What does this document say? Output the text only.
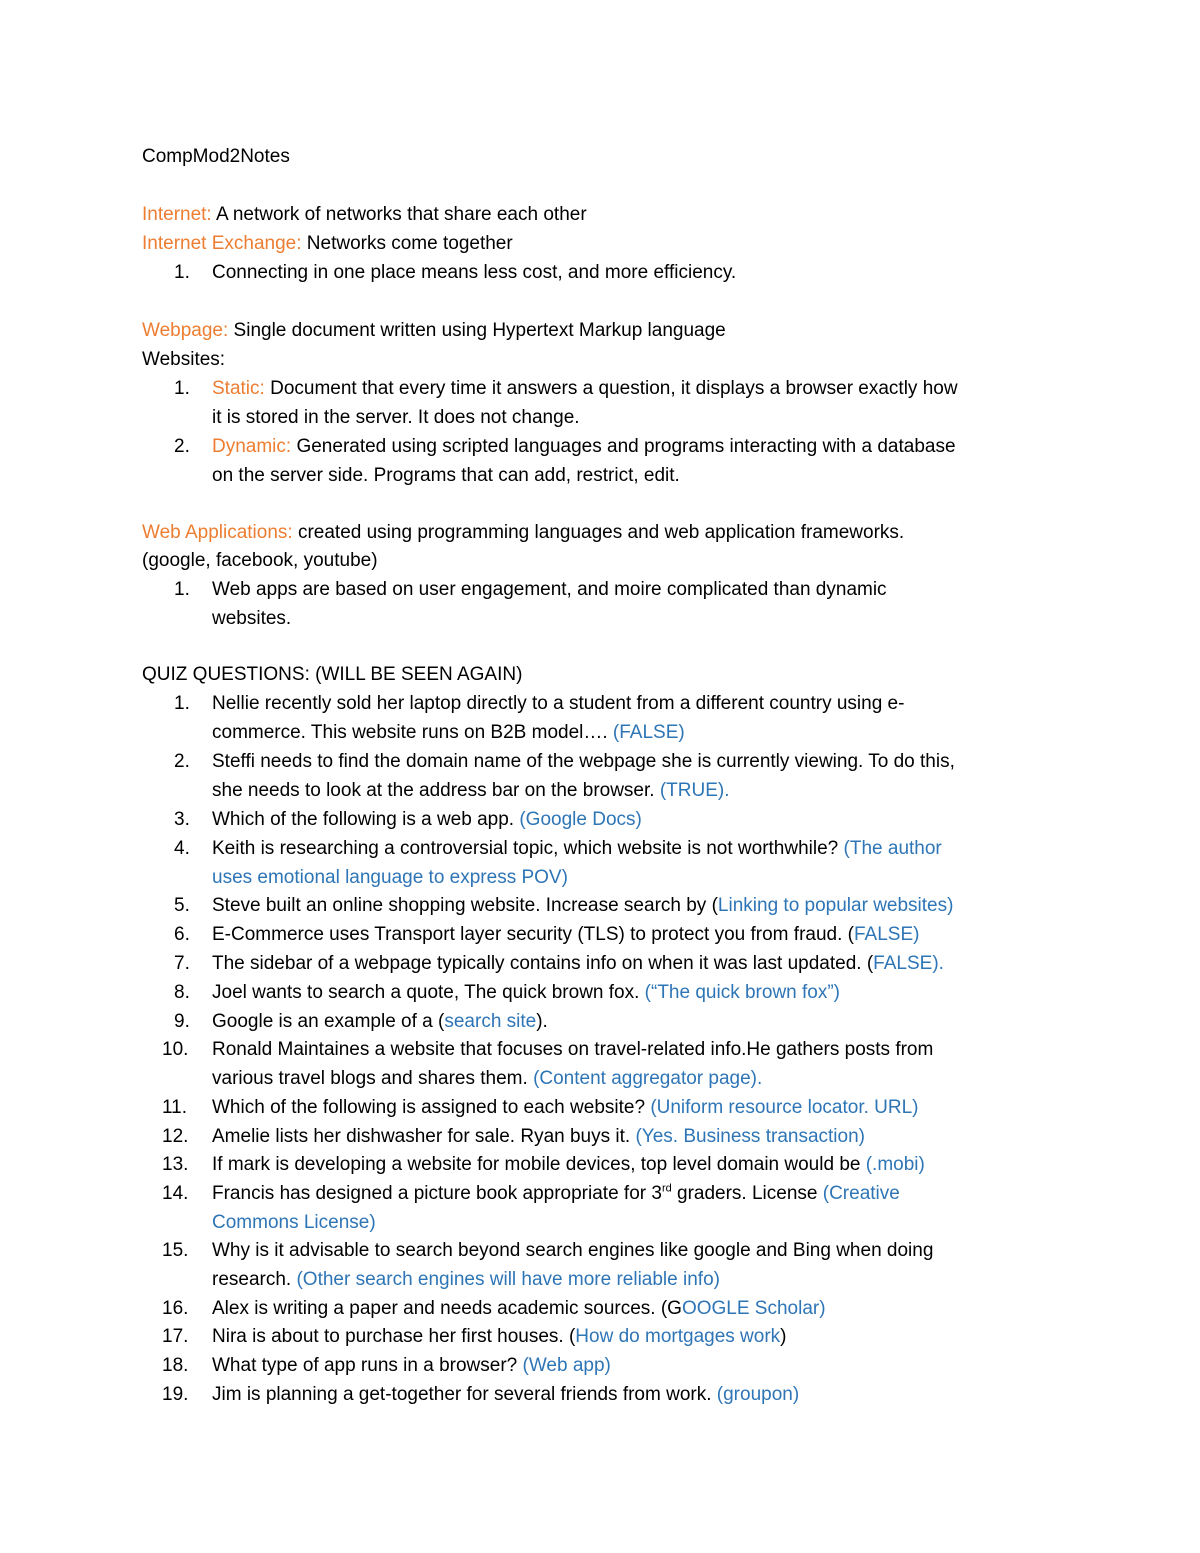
CompMod2Notes
Internet: A network of networks that share each other
Internet Exchange: Networks come together
1. Connecting in one place means less cost, and more efficiency.
Webpage: Single document written using Hypertext Markup language
Websites:
1. Static: Document that every time it answers a question, it displays a browser exactly how
it is stored in the server. It does not change.
2. Dynamic: Generated using scripted languages and programs interacting with a database
on the server side. Programs that can add, restrict, edit.
Web Applications: created using programming languages and web application frameworks.
(google, facebook, youtube)
1. Web apps are based on user engagement, and moire complicated than dynamic
websites.
QUIZ QUESTIONS: (WILL BE SEEN AGAIN)
1. Nellie recently sold her laptop directly to a student from a different country using e-
commerce. This website runs on B2B model…. (FALSE)
2. Steffi needs to find the domain name of the webpage she is currently viewing. To do this,
she needs to look at the address bar on the browser. (TRUE).
3. Which of the following is a web app. (Google Docs)
4. Keith is researching a controversial topic, which website is not worthwhile? (The author
uses emotional language to express POV)
5. Steve built an online shopping website. Increase search by (Linking to popular websites)
6. E-Commerce uses Transport layer security (TLS) to protect you from fraud. (FALSE)
7. The sidebar of a webpage typically contains info on when it was last updated. (FALSE).
8. Joel wants to search a quote, The quick brown fox. (“The quick brown fox”)
9. Google is an example of a (search site).
10. Ronald Maintaines a website that focuses on travel-related info.He gathers posts from
various travel blogs and shares them. (Content aggregator page).
11. Which of the following is assigned to each website? (Uniform resource locator. URL)
12. Amelie lists her dishwasher for sale. Ryan buys it. (Yes. Business transaction)
13. If mark is developing a website for mobile devices, top level domain would be (.mobi)
14. Francis has designed a picture book appropriate for 3rd graders. License (Creative
Commons License)
15. Why is it advisable to search beyond search engines like google and Bing when doing
research. (Other search engines will have more reliable info)
16. Alex is writing a paper and needs academic sources. (GOOGLE Scholar)
17. Nira is about to purchase her first houses. (How do mortgages work)
18. What type of app runs in a browser? (Web app)
19. Jim is planning a get-together for several friends from work. (groupon)
